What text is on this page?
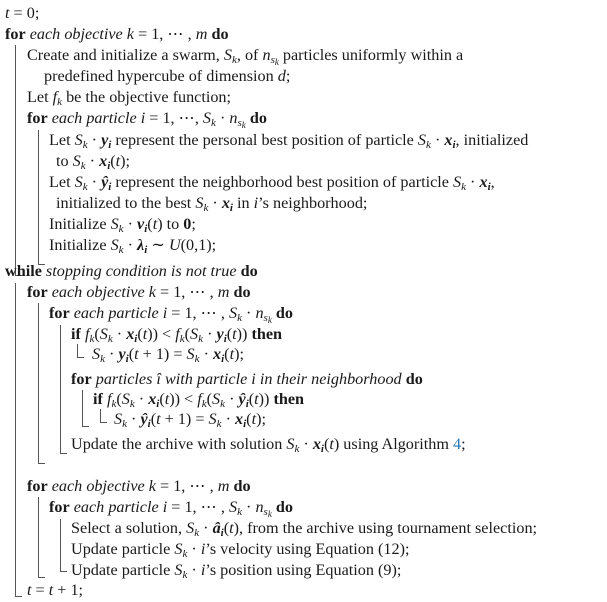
t = 0;
for each objective k = 1, ⋯ , m do
Create and initialize a swarm, $S_k$, of $n_{s_k}$ particles uniformly within a
predefined hypercube of dimension d;
Let $f_k$ be the objective function;
for each particle i = 1, ⋯, $S_k \cdot n_{s_k}$ do
Let $S_k \cdot y_i$ represent the personal best position of particle $S_k \cdot x_i$, initialized
to $S_k \cdot x_i(t)$;
Let $S_k$ · $ŷ_i$ represent the neighborhood best position of particle $S_k \cdot x_i$,
initialized to the best $S_k \cdot x_i$ in i’s neighborhood;
Initialize $S_k \cdot v_i(t)$ to 0;
Initialize $S_k \cdot \lambda_i$ ∼ U(0,1);
while stopping condition is not true do
for each objective k = 1, ⋯ , m do
for each particle i = 1, ⋯ , $S_k \cdot n_{s_k}$ do
if $f_k(S_k \cdot x_i(t)) < f_k(S_k \cdot y_i(t))$ then
$S_k \cdot y_i(t + 1) = S_k \cdot x_i(t)$;
for particles î with particle i in their neighborhood do
if $f_k(S_k \cdot x_i(t)) < f_k(S_k$ · $ŷ_i(t)$) then
$S_k$ · $ŷ_i(t + 1) = S_k \cdot x_i(t)$;
Update the archive with solution $S_k \cdot x_i(t)$ using Algorithm 4;
for each objective k = 1, ⋯ , m do
for each particle i = 1, ⋯ , $S_k \cdot n_{s_k}$ do
Select a solution, $S_k$ · $â_i(t)$, from the archive using tournament selection;
Update particle $S_k$ · i’s velocity using Equation (12);
Update particle $S_k$ · i’s position using Equation (9);
t = t + 1;
